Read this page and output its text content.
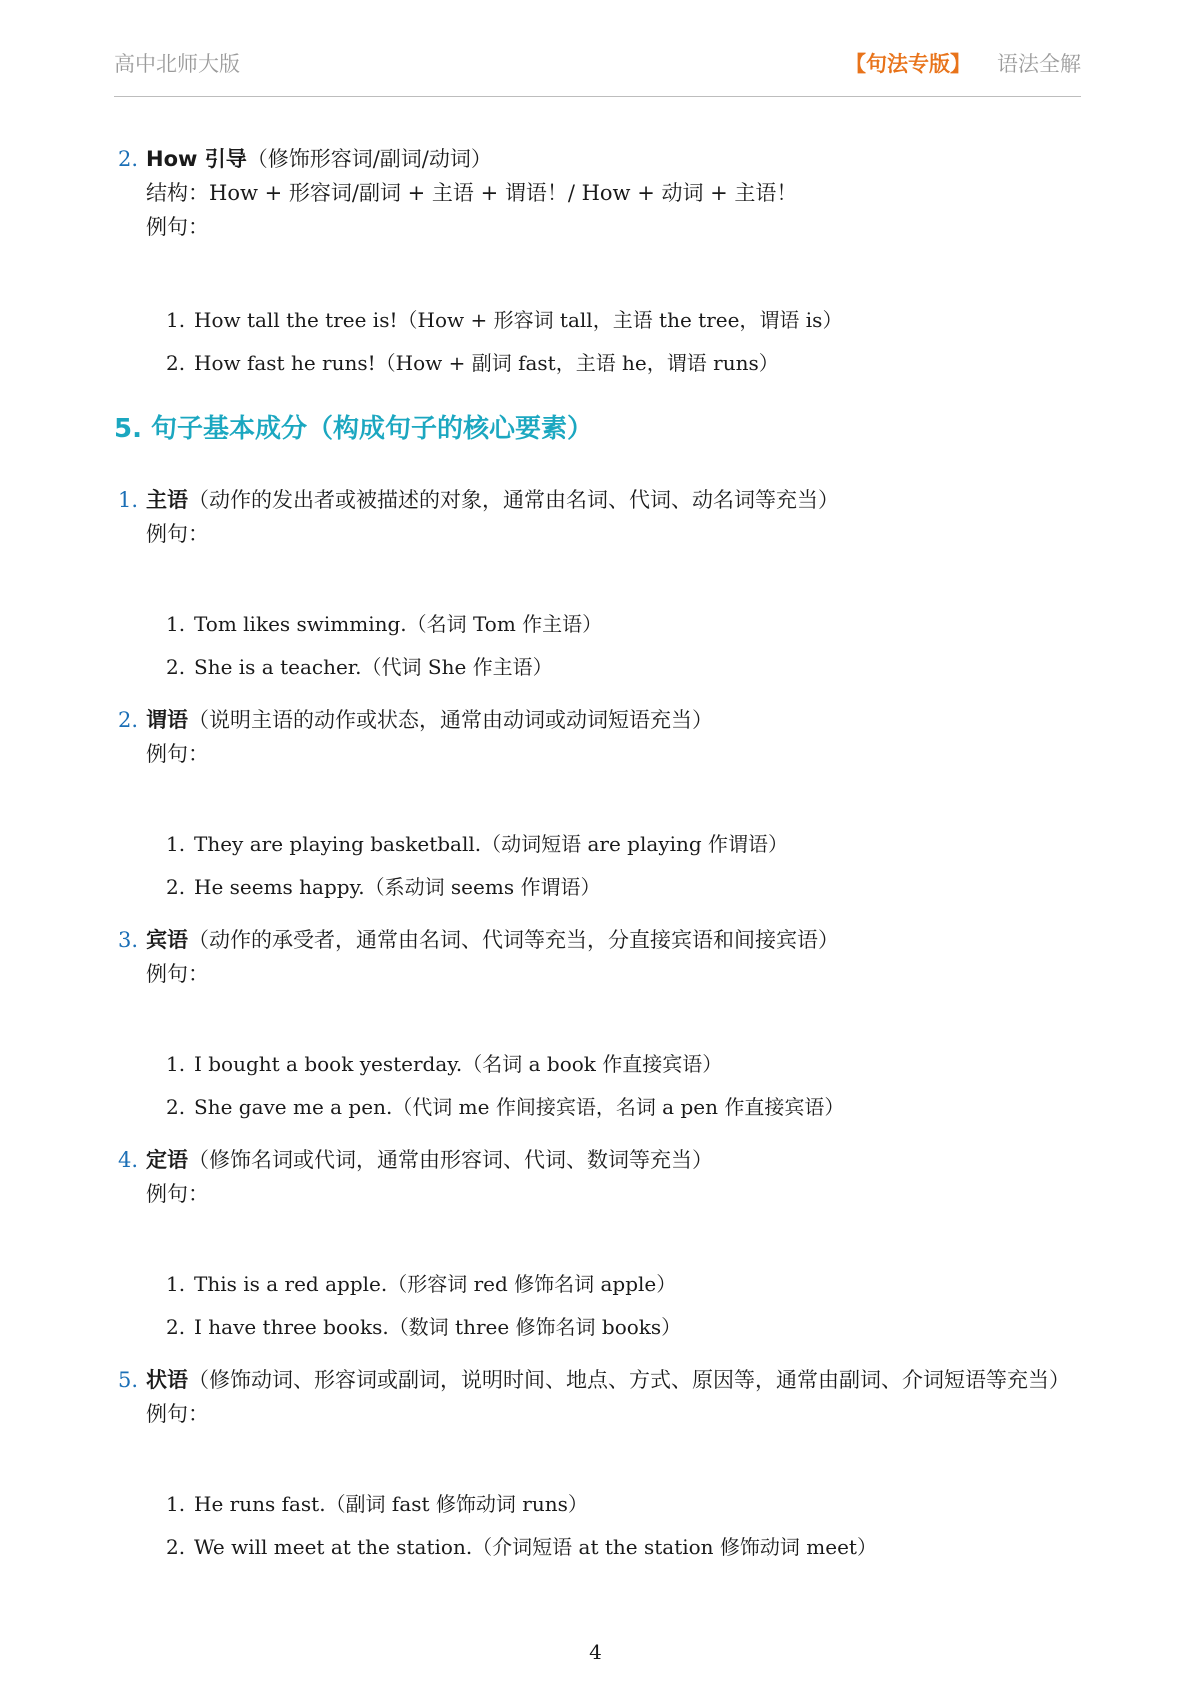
高中北师大版	【句法专版】 语法全解
2. How 引导（修饰形容词/副词/动词）
结构：How + 形容词/副词 + 主语 + 谓语！/ How + 动词 + 主语！
例句：
1. How tall the tree is!（How + 形容词 tall，主语 the tree，谓语 is）
2. How fast he runs!（How + 副词 fast，主语 he，谓语 runs）
5. 句子基本成分（构成句子的核心要素）
1. 主语（动作的发出者或被描述的对象，通常由名词、代词、动名词等充当）
例句：
1. Tom likes swimming.（名词 Tom 作主语）
2. She is a teacher.（代词 She 作主语）
2. 谓语（说明主语的动作或状态，通常由动词或动词短语充当）
例句：
1. They are playing basketball.（动词短语 are playing 作谓语）
2. He seems happy.（系动词 seems 作谓语）
3. 宾语（动作的承受者，通常由名词、代词等充当，分直接宾语和间接宾语）
例句：
1. I bought a book yesterday.（名词 a book 作直接宾语）
2. She gave me a pen.（代词 me 作间接宾语，名词 a pen 作直接宾语）
4. 定语（修饰名词或代词，通常由形容词、代词、数词等充当）
例句：
1. This is a red apple.（形容词 red 修饰名词 apple）
2. I have three books.（数词 three 修饰名词 books）
5. 状语（修饰动词、形容词或副词，说明时间、地点、方式、原因等，通常由副词、介词短语等充当）
例句：
1. He runs fast.（副词 fast 修饰动词 runs）
2. We will meet at the station.（介词短语 at the station 修饰动词 meet）
4
